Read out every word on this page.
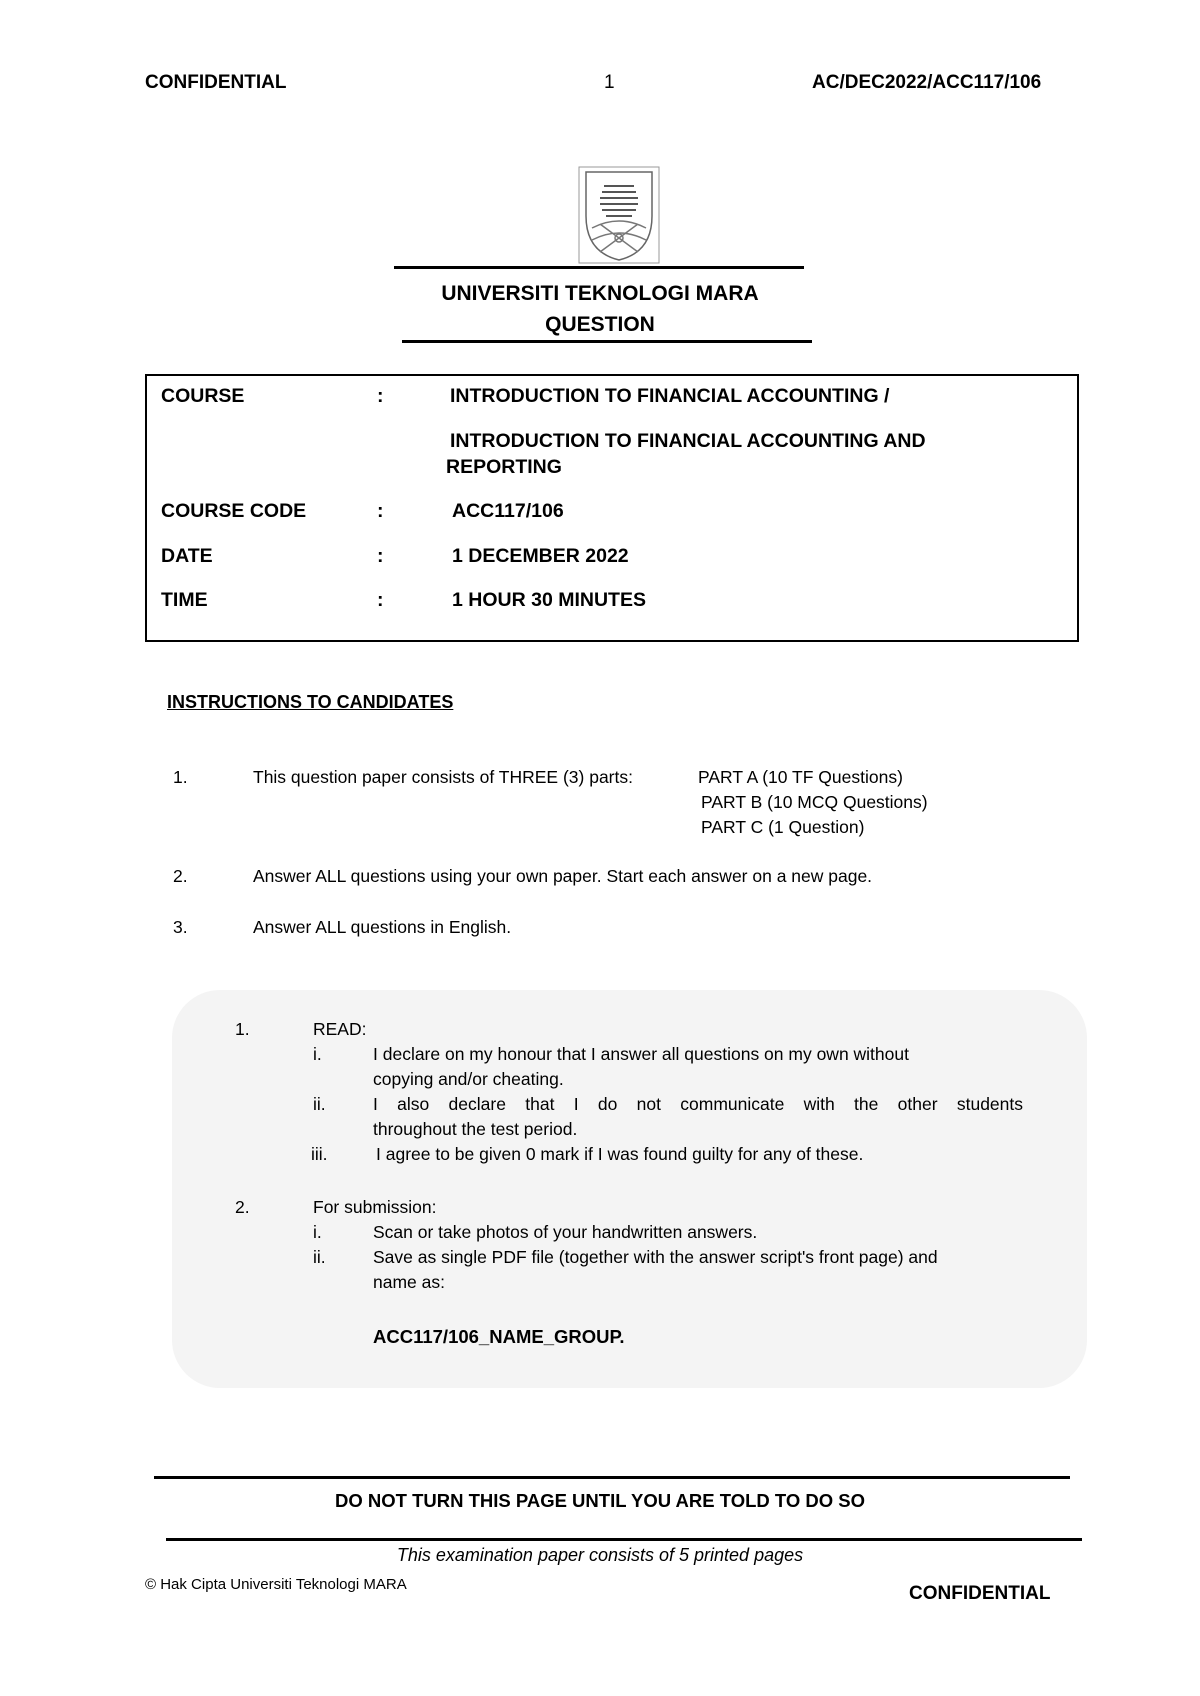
CONFIDENTIAL	1	AC/DEC2022/ACC117/106
UNIVERSITI TEKNOLOGI MARA
QUESTION
COURSE	:	INTRODUCTION TO FINANCIAL ACCOUNTING /
INTRODUCTION TO FINANCIAL ACCOUNTING AND
REPORTING
COURSE CODE	:	ACC117/106
DATE	:	1 DECEMBER 2022
TIME	:	1 HOUR 30 MINUTES
INSTRUCTIONS TO CANDIDATES
1.	This question paper consists of THREE (3) parts:	PART A (10 TF Questions)
PART B (10 MCQ Questions)
PART C (1 Question)
2.	Answer ALL questions using your own paper. Start each answer on a new page.
3.	Answer ALL questions in English.
1.	READ:
i.	I declare on my honour that I answer all questions on my own without
copying and/or cheating.
ii.	I also declare that I do not communicate with the other students
throughout the test period.
iii.	I agree to be given 0 mark if I was found guilty for any of these.
2.	For submission:
i.	Scan or take photos of your handwritten answers.
ii.	Save as single PDF file (together with the answer script's front page) and
name as:
ACC117/106_NAME_GROUP.
DO NOT TURN THIS PAGE UNTIL YOU ARE TOLD TO DO SO
This examination paper consists of 5 printed pages
© Hak Cipta Universiti Teknologi MARA	CONFIDENTIAL
